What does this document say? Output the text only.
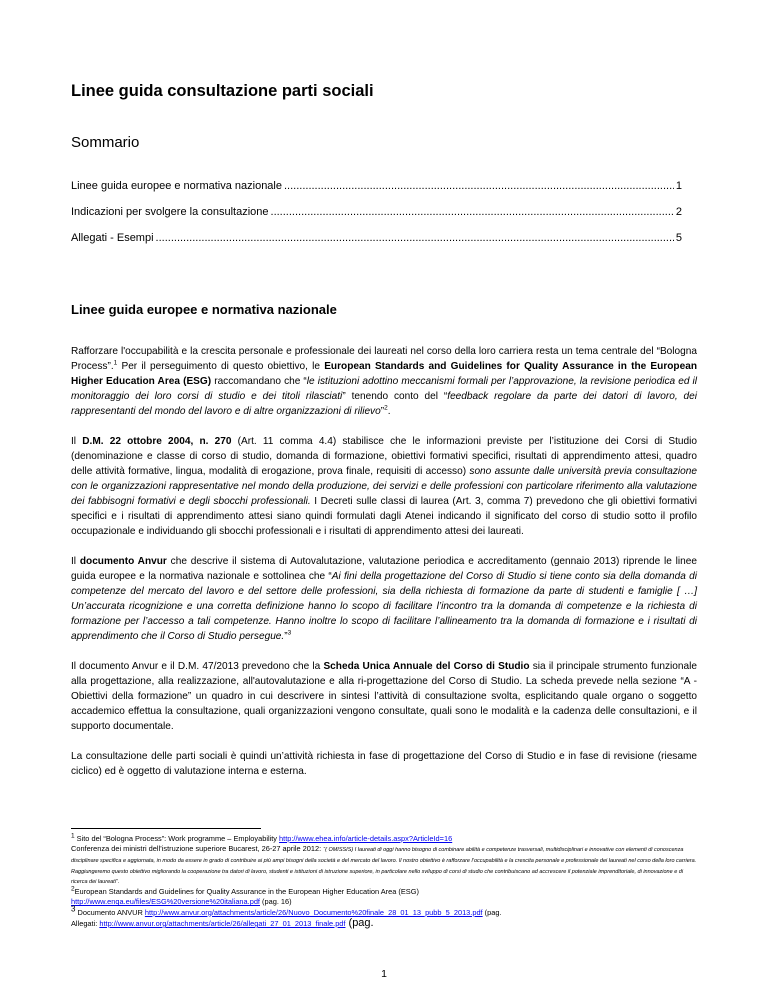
Linee guida consultazione parti sociali
Sommario
Linee guida europee e normativa nazionale .....	1
Indicazioni per svolgere la consultazione .....	2
Allegati - Esempi .....	5
Linee guida europee e normativa nazionale

Rafforzare l'occupabilità e la crescita personale e professionale dei laureati nel corso della loro carriera resta un tema centrale del “Bologna Process”.$^1$ Per il perseguimento di questo obiettivo, le European Standards and Guidelines for Quality Assurance in the European Higher Education Area (ESG) raccomandano che “le istituzioni adottino meccanismi formali per l’approvazione, la revisione periodica ed il monitoraggio dei loro corsi di studio e dei titoli rilasciati” tenendo conto del “feedback regolare da parte dei datori di lavoro, dei rappresentanti del mondo del lavoro e di altre organizzazioni di rilievo”$^2$.

Il D.M. 22 ottobre 2004, n. 270 (Art. 11 comma 4.4) stabilisce che le informazioni previste per l’istituzione dei Corsi di Studio (denominazione e classe di corso di studio, domanda di formazione, obiettivi formativi specifici, risultati di apprendimento attesi, quadro delle attività formative, lingua, modalità di erogazione, prova finale, requisiti di accesso) sono assunte dalle università previa consultazione con le organizzazioni rappresentative nel mondo della produzione, dei servizi e delle professioni con particolare riferimento alla valutazione dei fabbisogni formativi e degli sbocchi professionali. I Decreti sulle classi di laurea (Art. 3, comma 7) prevedono che gli obiettivi formativi specifici e i risultati di apprendimento attesi siano quindi formulati dagli Atenei indicando il significato del corso di studio sotto il profilo occupazionale e individuando gli sbocchi professionali e i risultati di apprendimento attesi dei laureati.

Il documento Anvur che descrive il sistema di Autovalutazione, valutazione periodica e accreditamento (gennaio 2013) riprende le linee guida europee e la normativa nazionale e sottolinea che “Ai fini della progettazione del Corso di Studio si tiene conto sia della domanda di competenze del mercato del lavoro e del settore delle professioni, sia della richiesta di formazione da parte di studenti e famiglie [ …] Un’accurata ricognizione e una corretta definizione hanno lo scopo di facilitare l’incontro tra la domanda di competenze e la richiesta di formazione per l’accesso a tali competenze. Hanno inoltre lo scopo di facilitare l’allineamento tra la domanda di formazione e i risultati di apprendimento che il Corso di Studio persegue.”$^3$

Il documento Anvur e il D.M. 47/2013 prevedono che la Scheda Unica Annuale del Corso di Studio sia il principale strumento funzionale alla progettazione, alla realizzazione, all'autovalutazione e alla ri-progettazione del Corso di Studio. La scheda prevede nella sezione “A - Obiettivi della formazione” un quadro in cui descrivere in sintesi l’attività di consultazione svolta, esplicitando quale organo o soggetto accademico effettua la consultazione, quali organizzazioni vengono consultate, quali sono le modalità e la cadenza delle consultazioni, e il supporto documentale.

La consultazione delle parti sociali è quindi un’attività richiesta in fase di progettazione del Corso di Studio e in fase di revisione (riesame ciclico) ed è oggetto di valutazione interna e esterna.

$^1$ Sito del “Bologna Process”: Work programme – Employability http://www.ehea.info/article-details.aspx?ArticleId=16

Conferenza dei ministri dell’istruzione superiore Bucarest, 26-27 aprile 2012: “( OMISSIS) I laureati di oggi hanno bisogno di combinare abilità e competenze trasversali, multidisciplinari e innovative con elementi di conoscenza disciplinare specifica e aggiornata, in modo da essere in grado di contribuire ai più ampi bisogni della società e del mercato del lavoro. Il nostro obiettivo è rafforzare l’occupabilità e la crescita personale e professionale dei laureati nel corso della loro carriera. Raggiungeremo questo obiettivo migliorando la cooperazione tra datori di lavoro, studenti e istituzioni di istruzione superiore, in particolare nello sviluppo di corsi di studio che contribuiscano ad accrescere il potenziale imprenditoriale, di innovazione e di ricerca dei laureati”.

$^2$European Standards and Guidelines for Quality Assurance in the European Higher Education Area (ESG)

http://www.enqa.eu/files/ESG%20versione%20italiana.pdf (pag. 16)

$^3$ Documento ANVUR http://www.anvur.org/attachments/article/26/Nuovo_Documento%20finale_28_01_13_pubb_5_2013.pdf (pag.

Allegati: http://www.anvur.org/attachments/article/26/allegati_27_01_2013_finale.pdf (pag.

1
